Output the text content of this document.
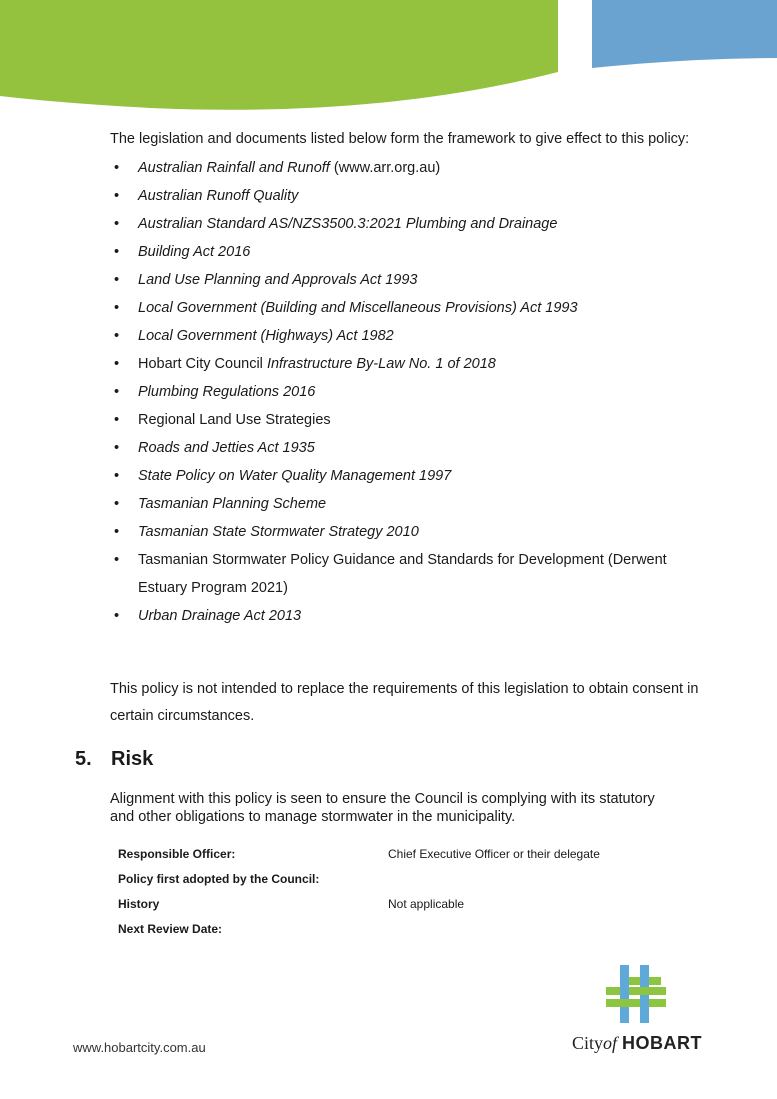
The legislation and documents listed below form the framework to give effect to this policy:

• Australian Rainfall and Runoff (www.arr.org.au)
• Australian Runoff Quality
• Australian Standard AS/NZS3500.3:2021 Plumbing and Drainage
• Building Act 2016
• Land Use Planning and Approvals Act 1993
• Local Government (Building and Miscellaneous Provisions) Act 1993
• Local Government (Highways) Act 1982
• Hobart City Council Infrastructure By-Law No. 1 of 2018
• Plumbing Regulations 2016
• Regional Land Use Strategies
• Roads and Jetties Act 1935
• State Policy on Water Quality Management 1997
• Tasmanian Planning Scheme
• Tasmanian State Stormwater Strategy 2010
• Tasmanian Stormwater Policy Guidance and Standards for Development (Derwent Estuary Program 2021)
• Urban Drainage Act 2013

This policy is not intended to replace the requirements of this legislation to obtain consent in certain circumstances.

5. Risk

Alignment with this policy is seen to ensure the Council is complying with its statutory and other obligations to manage stormwater in the municipality.

Responsible Officer:	Chief Executive Officer or their delegate
Policy first adopted by the Council:	
History	Not applicable
Next Review Date:	
www.hobartcity.com.au	Cityof HOBART
